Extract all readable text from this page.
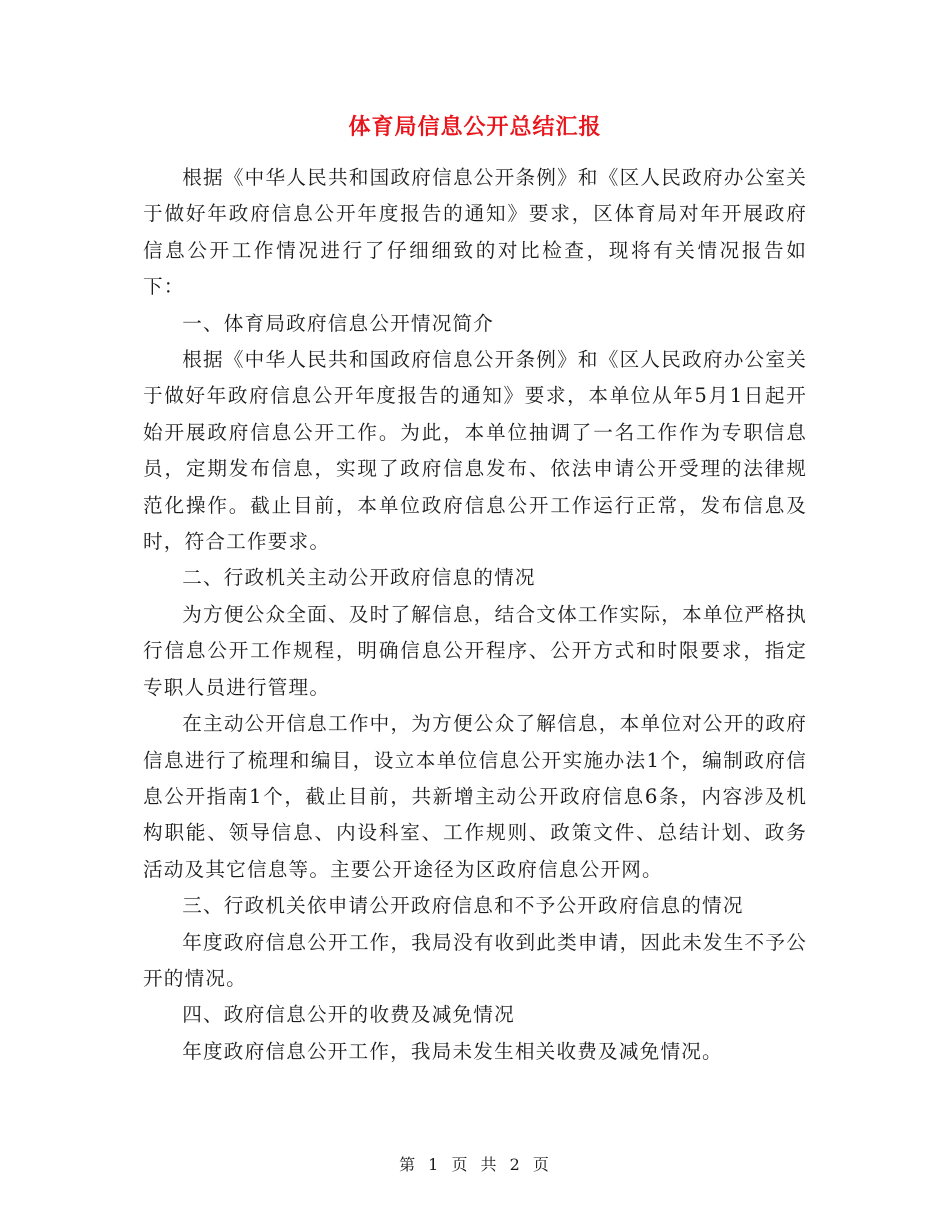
体育局信息公开总结汇报

根据《中华人民共和国政府信息公开条例》和《区人民政府办公室关于做好年政府信息公开年度报告的通知》要求，区体育局对年开展政府信息公开工作情况进行了仔细细致的对比检查，现将有关情况报告如下：

一、体育局政府信息公开情况简介

根据《中华人民共和国政府信息公开条例》和《区人民政府办公室关于做好年政府信息公开年度报告的通知》要求，本单位从年5月1日起开始开展政府信息公开工作。为此，本单位抽调了一名工作作为专职信息员，定期发布信息，实现了政府信息发布、依法申请公开受理的法律规范化操作。截止目前，本单位政府信息公开工作运行正常，发布信息及时，符合工作要求。

二、行政机关主动公开政府信息的情况

为方便公众全面、及时了解信息，结合文体工作实际，本单位严格执行信息公开工作规程，明确信息公开程序、公开方式和时限要求，指定专职人员进行管理。

在主动公开信息工作中，为方便公众了解信息，本单位对公开的政府信息进行了梳理和编目，设立本单位信息公开实施办法1个，编制政府信息公开指南1个，截止目前，共新增主动公开政府信息6条，内容涉及机构职能、领导信息、内设科室、工作规则、政策文件、总结计划、政务活动及其它信息等。主要公开途径为区政府信息公开网。

三、行政机关依申请公开政府信息和不予公开政府信息的情况

年度政府信息公开工作，我局没有收到此类申请，因此未发生不予公开的情况。

四、政府信息公开的收费及减免情况

年度政府信息公开工作，我局未发生相关收费及减免情况。

第 1 页 共 2 页
